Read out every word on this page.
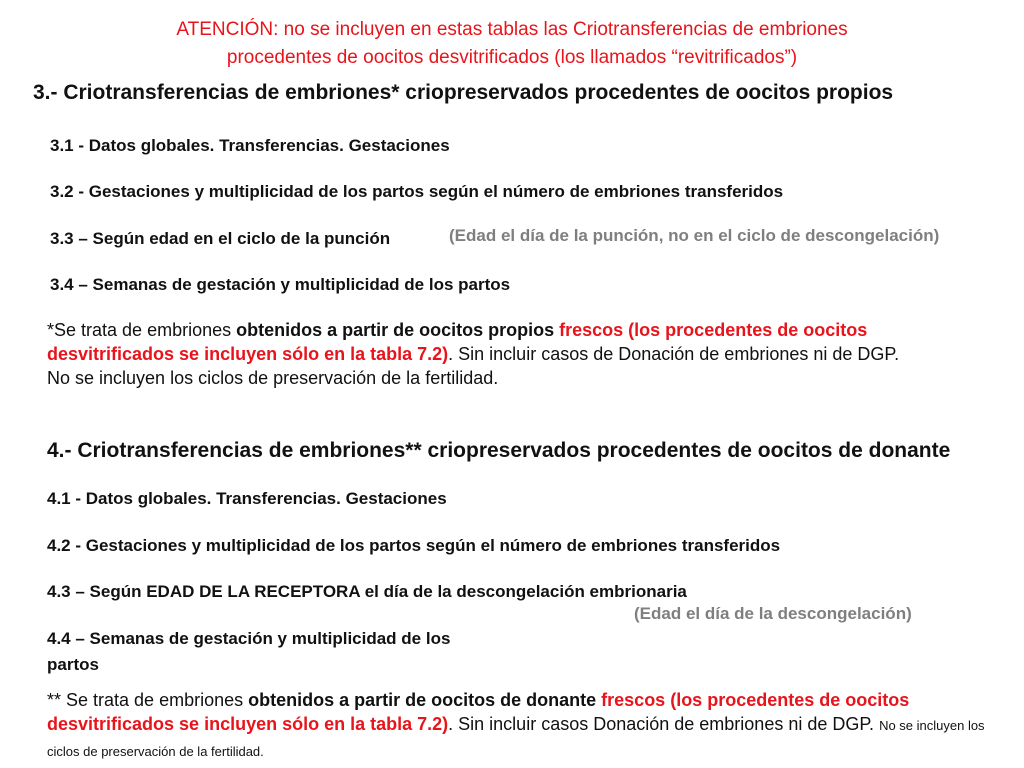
ATENCIÓN: no se incluyen en estas tablas las Criotransferencias de embriones
procedentes de oocitos desvitrificados (los llamados “revitrificados”)
3.- Criotransferencias de embriones* criopreservados procedentes de oocitos propios
3.1 - Datos globales. Transferencias. Gestaciones
3.2 - Gestaciones y multiplicidad de los partos según el número de embriones transferidos
3.3 – Según edad en el ciclo de la punción	(Edad el día de la punción, no en el ciclo de descongelación)
3.4 – Semanas de gestación y multiplicidad de los partos
*Se trata de embriones obtenidos a partir de oocitos propios frescos (los procedentes de oocitos desvitrificados se incluyen sólo en la tabla 7.2). Sin incluir casos de Donación de embriones ni de DGP.
No se incluyen los ciclos de preservación de la fertilidad.
4.- Criotransferencias de embriones** criopreservados procedentes de oocitos de donante
4.1 - Datos globales. Transferencias. Gestaciones
4.2 - Gestaciones y multiplicidad de los partos según el número de embriones transferidos
4.3 – Según EDAD DE LA RECEPTORA el día de la descongelación embrionaria
(Edad el día de la descongelación)
4.4 – Semanas de gestación y multiplicidad de los
partos
** Se trata de embriones obtenidos a partir de oocitos de donante frescos (los procedentes de oocitos desvitrificados se incluyen sólo en la tabla 7.2). Sin incluir casos Donación de embriones ni de DGP. No se incluyen los ciclos de preservación de la fertilidad.
